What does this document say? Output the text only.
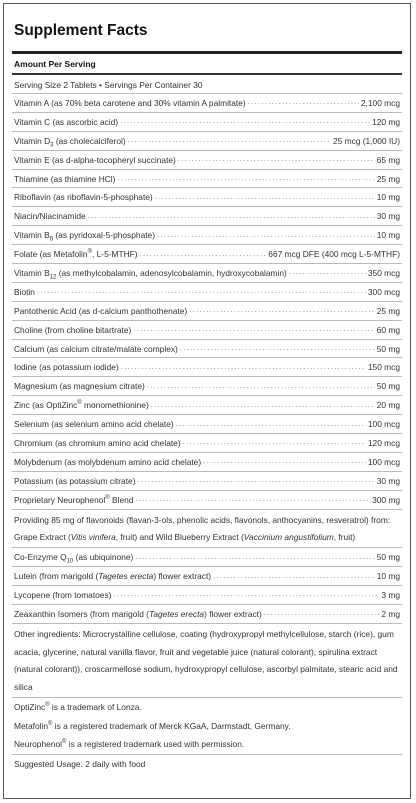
Supplement Facts
Amount Per Serving
Serving Size 2 Tablets • Servings Per Container 30
Vitamin A (as 70% beta carotene and 30% vitamin A palmitate) .....	2,100 mcg
Vitamin C (as ascorbic acid) .....	120 mg
Vitamin $D_3$ (as cholecalciferol) .....	25 mcg (1,000 IU)
Vitamin E (as d-alpha-tocopheryl succinate) .....	65 mg
Thiamine (as thiamine HCl) .....	25 mg
Riboflavin (as riboflavin-5-phosphate) .....	10 mg
Niacin/Niacinamide .....	30 mg
Vitamin $B_6$ (as pyridoxal-5-phosphate) .....	10 mg
Folate (as Metafolin®, L-5-MTHF) .....	667 mcg DFE (400 mcg L-5-MTHF)
Vitamin $B_{12}$ (as methylcobalamin, adenosylcobalamin, hydroxycobalamin) .....	350 mcg
Biotin .....	300 mcg
Pantothenic Acid (as d-calcium panthothenate) .....	25 mg
Choline (from choline bitartrate) .....	60 mg
Calcium (as calcium citrate/malate complex) .....	50 mg
Iodine (as potassium iodide) .....	150 mcg
Magnesium (as magnesium citrate) .....	50 mg
Zinc (as OptiZinc® monomethionine) .....	20 mg
Selenium (as selenium amino acid chelate) .....	100 mcg
Chromium (as chromium amino acid chelate) .....	120 mcg
Molybdenum (as molybdenum amino acid chelate) .....	100 mcg
Potassium (as potassium citrate) .....	30 mg
Proprietary Neurophenol® Blend .....	300 mg
Providing 85 mg of flavonoids (flavan-3-ols, phenolic acids, flavonols, anthocyanins, resveratrol) from: Grape Extract (Vitis vinifera, fruit) and Wild Blueberry Extract (Vaccinium angustifolium, fruit)
Co-Enzyme $Q_{10}$ (as ubiquinone) .....	50 mg
Lutein (from marigold (Tagetes erecta) flower extract) .....	10 mg
Lycopene (from tomatoes) .....	3 mg
Zeaxanthin Isomers (from marigold (Tagetes erecta) flower extract) .....	2 mg
Other ingredients: Microcrystalline cellulose, coating (hydroxypropyl methylcellulose, starch (rice), gum acacia, glycerine, natural vanilla flavor, fruit and vegetable juice (natural colorant), spirulina extract (natural colorant)), croscarmellose sodium, hydroxypropyl cellulose, ascorbyl palmitate, stearic acid and silica
OptiZinc® is a trademark of Lonza.
Metafolin® is a registered trademark of Merck KGaA, Darmstadt, Germany.
Neurophenol® is a registered trademark used with permission.
Suggested Usage: 2 daily with food
